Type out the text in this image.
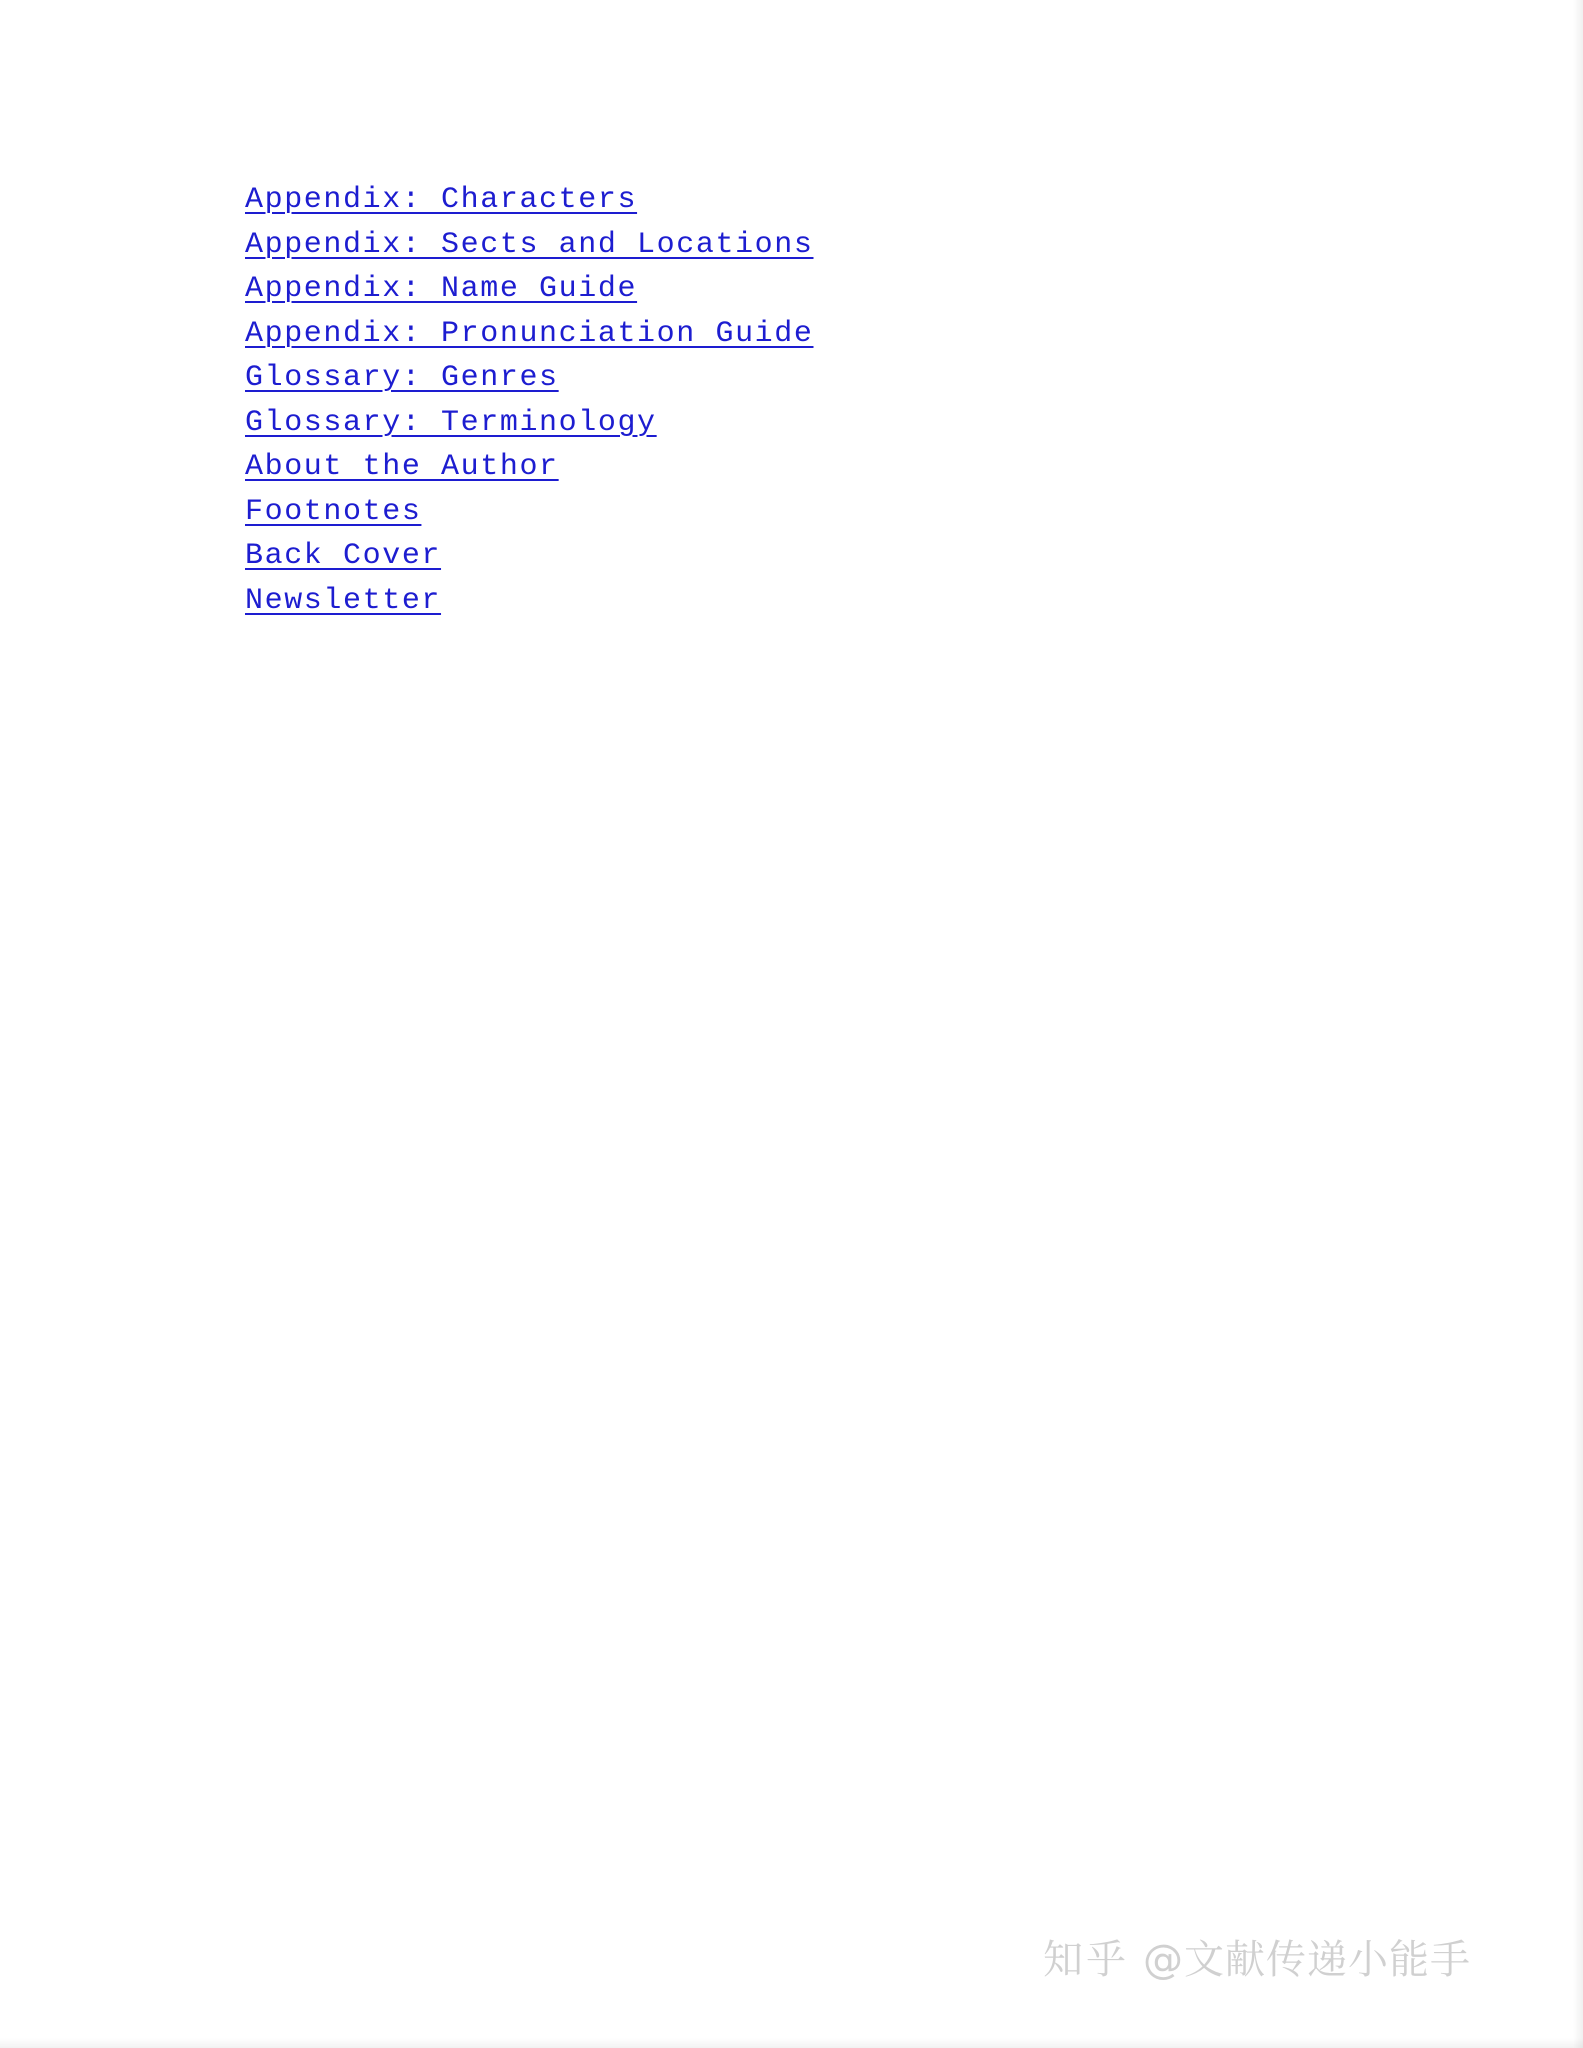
Appendix: Characters
Appendix: Sects and Locations
Appendix: Name Guide
Appendix: Pronunciation Guide
Glossary: Genres
Glossary: Terminology
About the Author
Footnotes
Back Cover
Newsletter
知乎 @文献传递小能手
